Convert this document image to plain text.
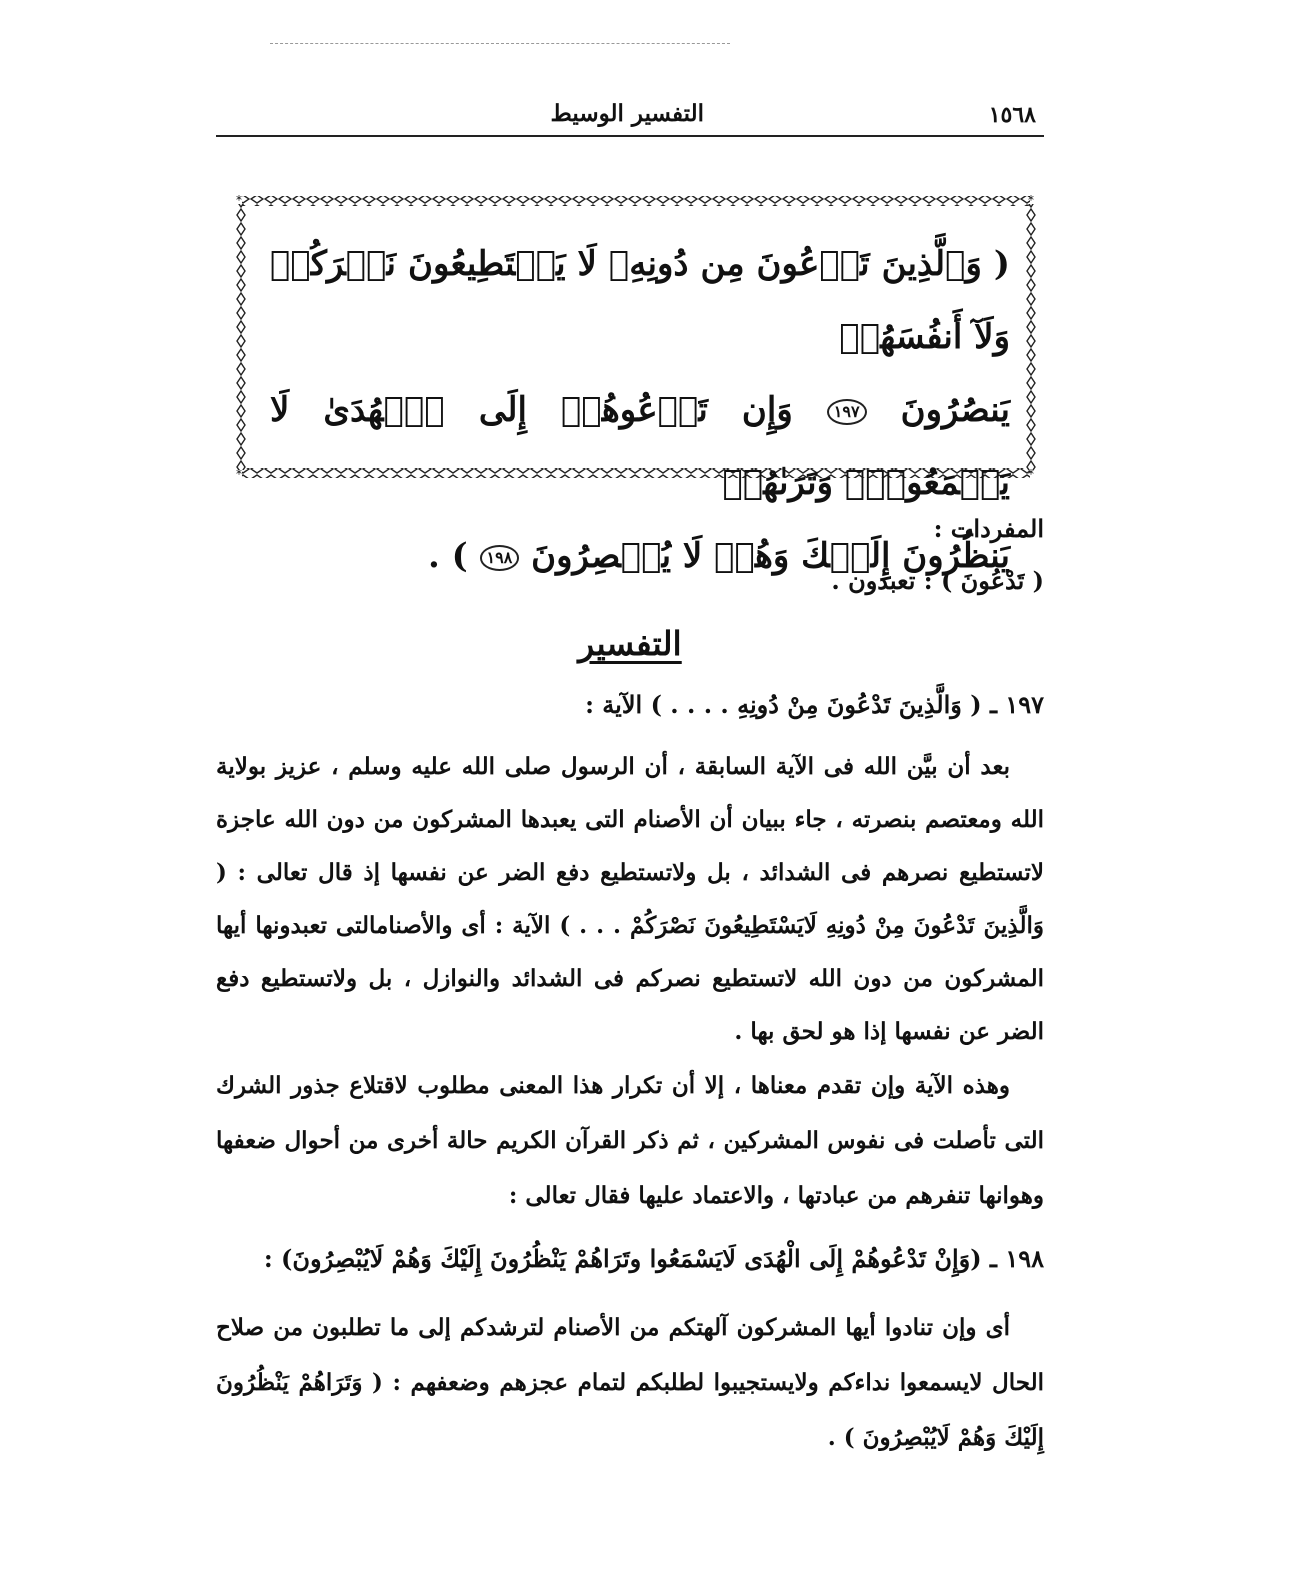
١٥٦٨
التفسير الوسيط
*	*
*	*
( وَٱلَّذِينَ تَدۡعُونَ مِن دُونِهِۦ لَا يَسۡتَطِيعُونَ نَصۡرَكُمۡ وَلَآ أَنفُسَهُمۡ
يَنصُرُونَ ١٩٧ وَإِن تَدۡعُوهُمۡ إِلَى ٱلۡهُدَىٰ لَا يَسۡمَعُواْۖ وَتَرَىٰهُمۡ
يَنظُرُونَ إِلَيۡكَ وَهُمۡ لَا يُبۡصِرُونَ ١٩٨ ) .
المفردات :
( تَدْعُونَ ) : تعبدون .
التفسير
١٩٧ ـ ( وَالَّذِينَ تَدْعُونَ مِنْ دُونِهِ . . . . ) الآية :
بعد أن بيَّن الله فى الآية السابقة ، أن الرسول صلى الله عليه وسلم ، عزيز بولاية الله ومعتصم بنصرته ، جاء ببيان أن الأصنام التى يعبدها المشركون من دون الله عاجزة لاتستطيع نصرهم فى الشدائد ، بل ولاتستطيع دفع الضر عن نفسها إذ قال تعالى : ( وَالَّذِينَ تَدْعُونَ مِنْ دُونِهِ لَايَسْتَطِيعُونَ نَصْرَكُمْ . . . ) الآية : أى والأصنامالتى تعبدونها أيها المشركون من دون الله لاتستطيع نصركم فى الشدائد والنوازل ، بل ولاتستطيع دفع الضر عن نفسها إذا هو لحق بها .
وهذه الآية وإن تقدم معناها ، إلا أن تكرار هذا المعنى مطلوب لاقتلاع جذور الشرك التى تأصلت فى نفوس المشركين ، ثم ذكر القرآن الكريم حالة أخرى من أحوال ضعفها وهوانها تنفرهم من عبادتها ، والاعتماد عليها فقال تعالى :
١٩٨ ـ (وَإِنْ تَدْعُوهُمْ إِلَى الْهُدَى لَايَسْمَعُوا وتَرَاهُمْ يَنْظُرُونَ إِلَيْكَ وَهُمْ لَايُبْصِرُونَ) :
أى وإن تنادوا أيها المشركون آلهتكم من الأصنام لترشدكم إلى ما تطلبون من صلاح الحال لايسمعوا نداءكم ولايستجيبوا لطلبكم لتمام عجزهم وضعفهم : ( وَتَرَاهُمْ يَنْظُرُونَ إِلَيْكَ وَهُمْ لَايُبْصِرُونَ ) .
